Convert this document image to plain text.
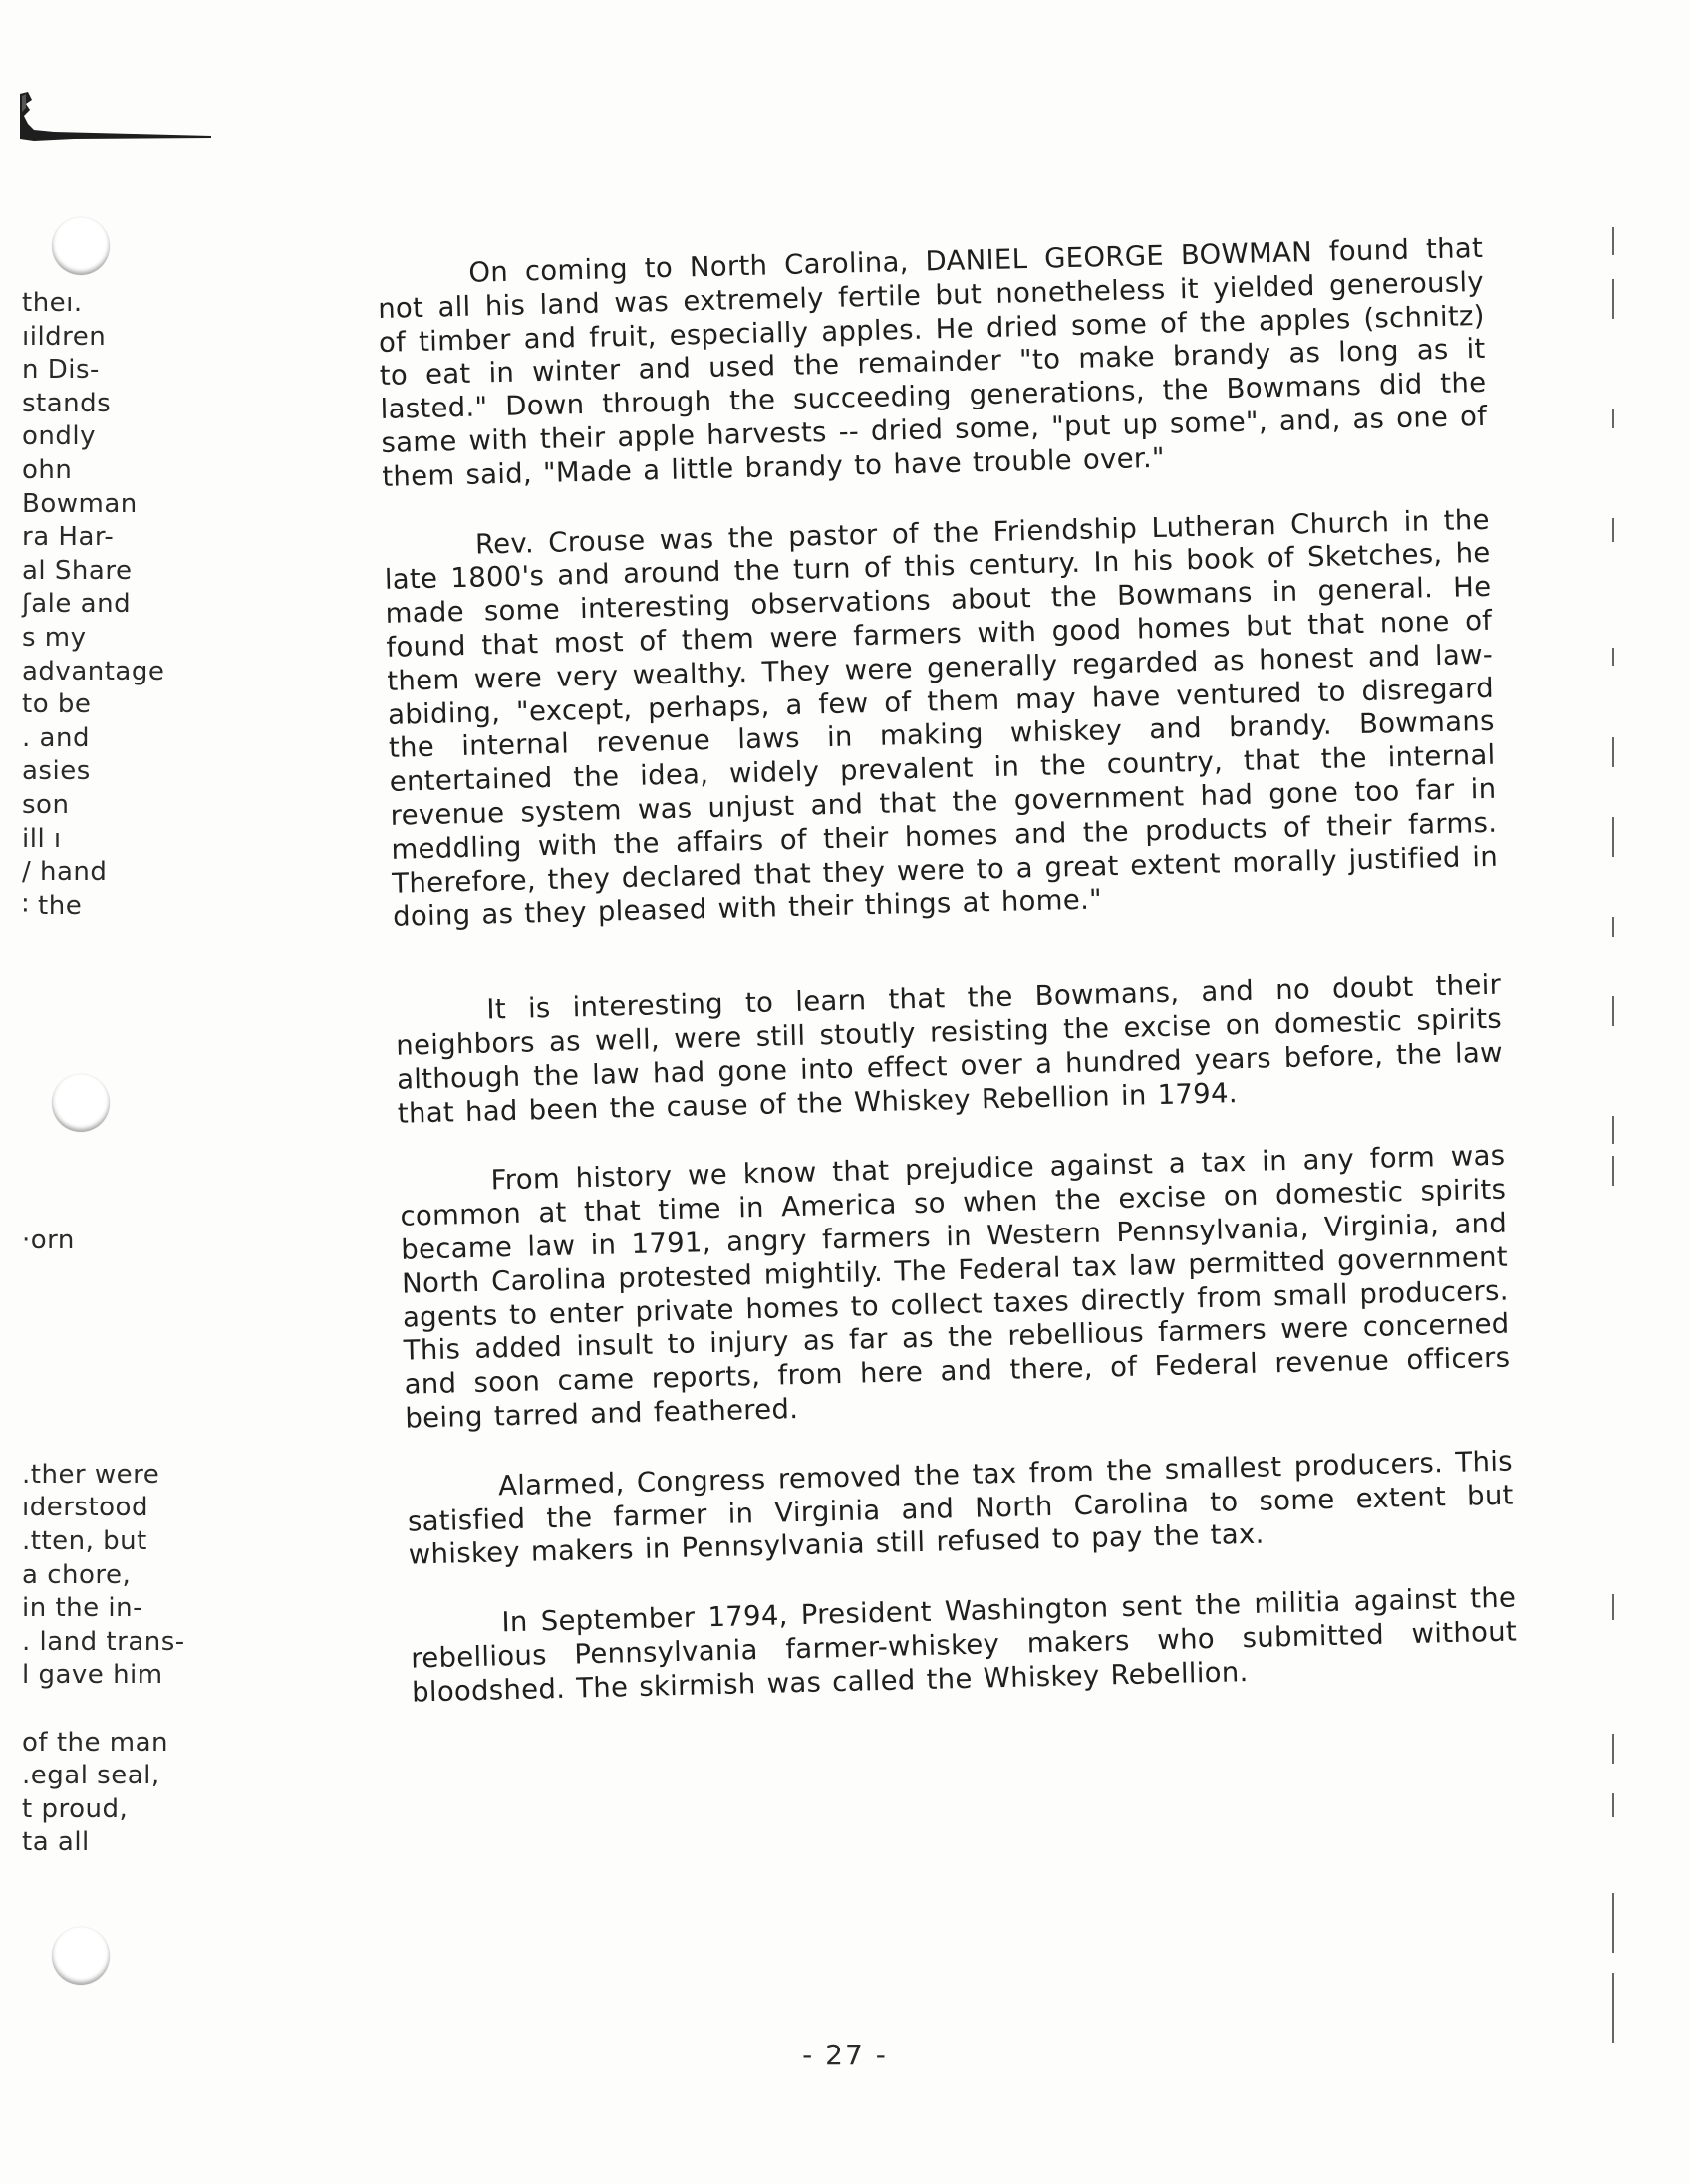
theı.
ıildren
n Dis-
stands
ondly
ohn
Bowman
ra Har-
al Share
ʃale and
s my
advantage
to be
. and
asies
son
ill ı
∕ hand
∶ the
·orn
.ther were
ıderstood
.tten, but
a chore,
in the in-
. land trans-
l gave him
of the man
.egal seal,
t proud,
ta all

On coming to North Carolina, DANIEL GEORGE BOWMAN found that not all his land was extremely fertile but nonetheless it yielded generously of timber and fruit, especially apples. He dried some of the apples (schnitz) to eat in winter and used the remainder "to make brandy as long as it lasted." Down through the succeeding generations, the Bowmans did the same with their apple harvests -- dried some, "put up some", and, as one of them said, "Made a little brandy to have trouble over."

Rev. Crouse was the pastor of the Friendship Lutheran Church in the late 1800's and around the turn of this century. In his book of Sketches, he made some interesting observations about the Bowmans in general. He found that most of them were farmers with good homes but that none of them were very wealthy. They were generally regarded as honest and law-abiding, "except, perhaps, a few of them may have ventured to disregard the internal revenue laws in making whiskey and brandy. Bowmans entertained the idea, widely prevalent in the country, that the internal revenue system was unjust and that the government had gone too far in meddling with the affairs of their homes and the products of their farms. Therefore, they declared that they were to a great extent morally justified in doing as they pleased with their things at home."

It is interesting to learn that the Bowmans, and no doubt their neighbors as well, were still stoutly resisting the excise on domestic spirits although the law had gone into effect over a hundred years before, the law that had been the cause of the Whiskey Rebellion in 1794.

From history we know that prejudice against a tax in any form was common at that time in America so when the excise on domestic spirits became law in 1791, angry farmers in Western Pennsylvania, Virginia, and North Carolina protested mightily. The Federal tax law permitted government agents to enter private homes to collect taxes directly from small producers. This added insult to injury as far as the rebellious farmers were concerned and soon came reports, from here and there, of Federal revenue officers being tarred and feathered.

Alarmed, Congress removed the tax from the smallest producers. This satisfied the farmer in Virginia and North Carolina to some extent but whiskey makers in Pennsylvania still refused to pay the tax.

In September 1794, President Washington sent the militia against the rebellious Pennsylvania farmer-whiskey makers who submitted without bloodshed. The skirmish was called the Whiskey Rebellion.

- 27 -
